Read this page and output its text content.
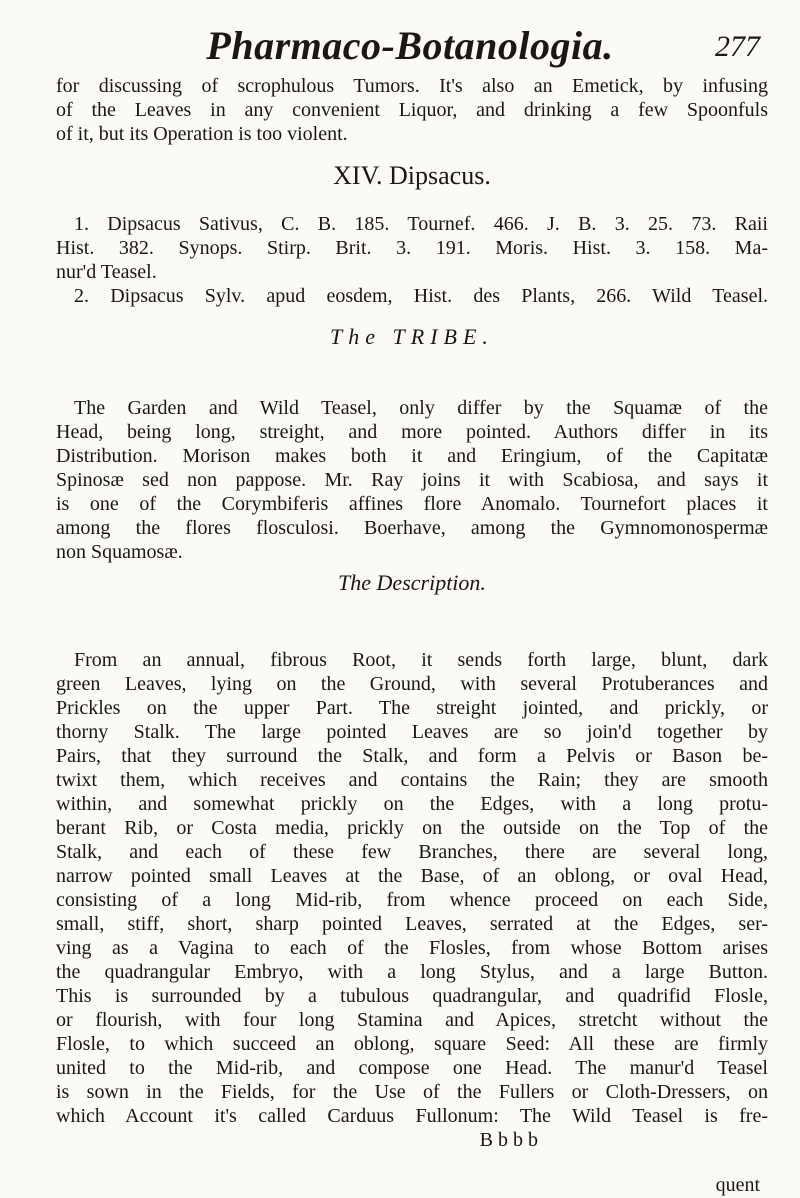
Pharmaco-Botanologia.	277
for discussing of scrophulous Tumors. It's also an Emetick, by infusing
of the Leaves in any convenient Liquor, and drinking a few Spoonfuls
of it, but its Operation is too violent.
XIV. Dipsacus.
1. Dipsacus Sativus, C. B. 185. Tournef. 466. J. B. 3. 25. 73. Raii
Hist. 382. Synops. Stirp. Brit. 3. 191. Moris. Hist. 3. 158. Ma-
nur'd Teasel.
2. Dipsacus Sylv. apud eosdem, Hist. des Plants, 266. Wild Teasel.
The TRIBE.
The Garden and Wild Teasel, only differ by the Squamæ of the
Head, being long, streight, and more pointed. Authors differ in its
Distribution. Morison makes both it and Eringium, of the Capitatæ
Spinosæ sed non pappose. Mr. Ray joins it with Scabiosa, and says it
is one of the Corymbiferis affines flore Anomalo. Tournefort places it
among the flores flosculosi. Boerhave, among the Gymnomonospermæ
non Squamosæ.
The Description.
From an annual, fibrous Root, it sends forth large, blunt, dark
green Leaves, lying on the Ground, with several Protuberances and
Prickles on the upper Part. The streight jointed, and prickly, or
thorny Stalk. The large pointed Leaves are so join'd together by
Pairs, that they surround the Stalk, and form a Pelvis or Bason be-
twixt them, which receives and contains the Rain; they are smooth
within, and somewhat prickly on the Edges, with a long protu-
berant Rib, or Costa media, prickly on the outside on the Top of the
Stalk, and each of these few Branches, there are several long,
narrow pointed small Leaves at the Base, of an oblong, or oval Head,
consisting of a long Mid-rib, from whence proceed on each Side,
small, stiff, short, sharp pointed Leaves, serrated at the Edges, ser-
ving as a Vagina to each of the Flosles, from whose Bottom arises
the quadrangular Embryo, with a long Stylus, and a large Button.
This is surrounded by a tubulous quadrangular, and quadrifid Flosle,
or flourish, with four long Stamina and Apices, stretcht without the
Flosle, to which succeed an oblong, square Seed: All these are firmly
united to the Mid-rib, and compose one Head. The manur'd Teasel
is sown in the Fields, for the Use of the Fullers or Cloth-Dressers, on
which Account it's called Carduus Fullonum: The Wild Teasel is fre-
B b b b
quent
